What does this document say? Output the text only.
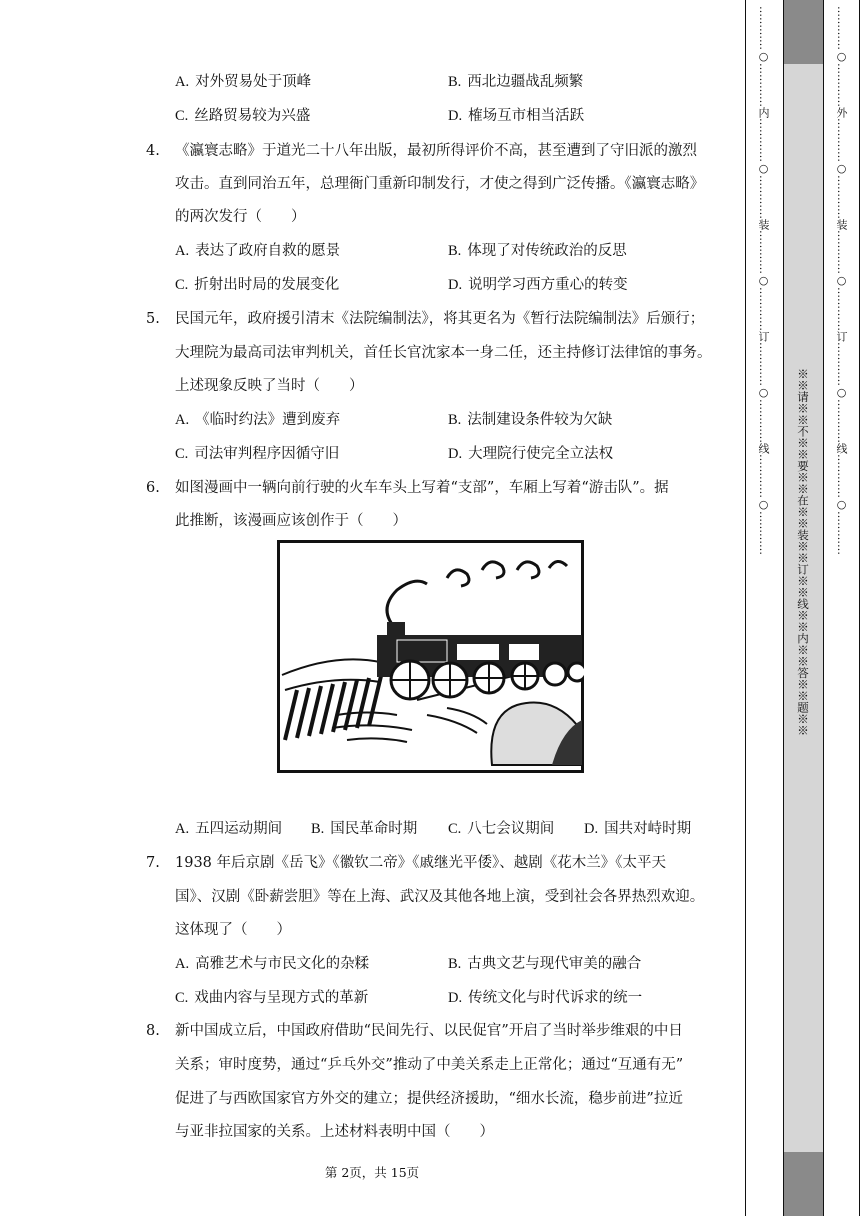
A. 对外贸易处于顶峰	B. 西北边疆战乱频繁
C. 丝路贸易较为兴盛	D. 榷场互市相当活跃
4. 《瀛寰志略》于道光二十八年出版，最初所得评价不高，甚至遭到了守旧派的激烈
攻击。直到同治五年，总理衙门重新印制发行，才使之得到广泛传播。《瀛寰志略》
的两次发行（　　）
A. 表达了政府自救的愿景	B. 体现了对传统政治的反思
C. 折射出时局的发展变化	D. 说明学习西方重心的转变
5. 民国元年，政府援引清末《法院编制法》，将其更名为《暂行法院编制法》后颁行；
大理院为最高司法审判机关，首任长官沈家本一身二任，还主持修订法律馆的事务。
上述现象反映了当时（　　）
A. 《临时约法》遭到废弃	B. 法制建设条件较为欠缺
C. 司法审判程序因循守旧	D. 大理院行使完全立法权
6. 如图漫画中一辆向前行驶的火车车头上写着“支部”，车厢上写着“游击队”。据
此推断，该漫画应该创作于（　　）
A. 五四运动期间 B. 国民革命时期 C. 八七会议期间 D. 国共对峙时期
7. 1938 年后京剧《岳飞》《徽钦二帝》《戚继光平倭》、越剧《花木兰》《太平天
国》、汉剧《卧薪尝胆》等在上海、武汉及其他各地上演，受到社会各界热烈欢迎。
这体现了（　　）
A. 高雅艺术与市民文化的杂糅	B. 古典文艺与现代审美的融合
C. 戏曲内容与呈现方式的革新	D. 传统文化与时代诉求的统一
8. 新中国成立后，中国政府借助“民间先行、以民促官”开启了当时举步维艰的中日
关系；审时度势，通过“乒乓外交”推动了中美关系走上正常化；通过“互通有无”
促进了与西欧国家官方外交的建立；提供经济援助，“细水长流，稳步前进”拉近
与亚非拉国家的关系。上述材料表明中国（　　）
第 2页，共 15页
…………○…………内…………○…………装…………○…………订…………○…………线…………○………… ※※请※※不※※要※※在※※装※※订※※线※※内※※答※※题※※ …………○…………外…………○…………装…………○…………订…………○…………线…………○…………
